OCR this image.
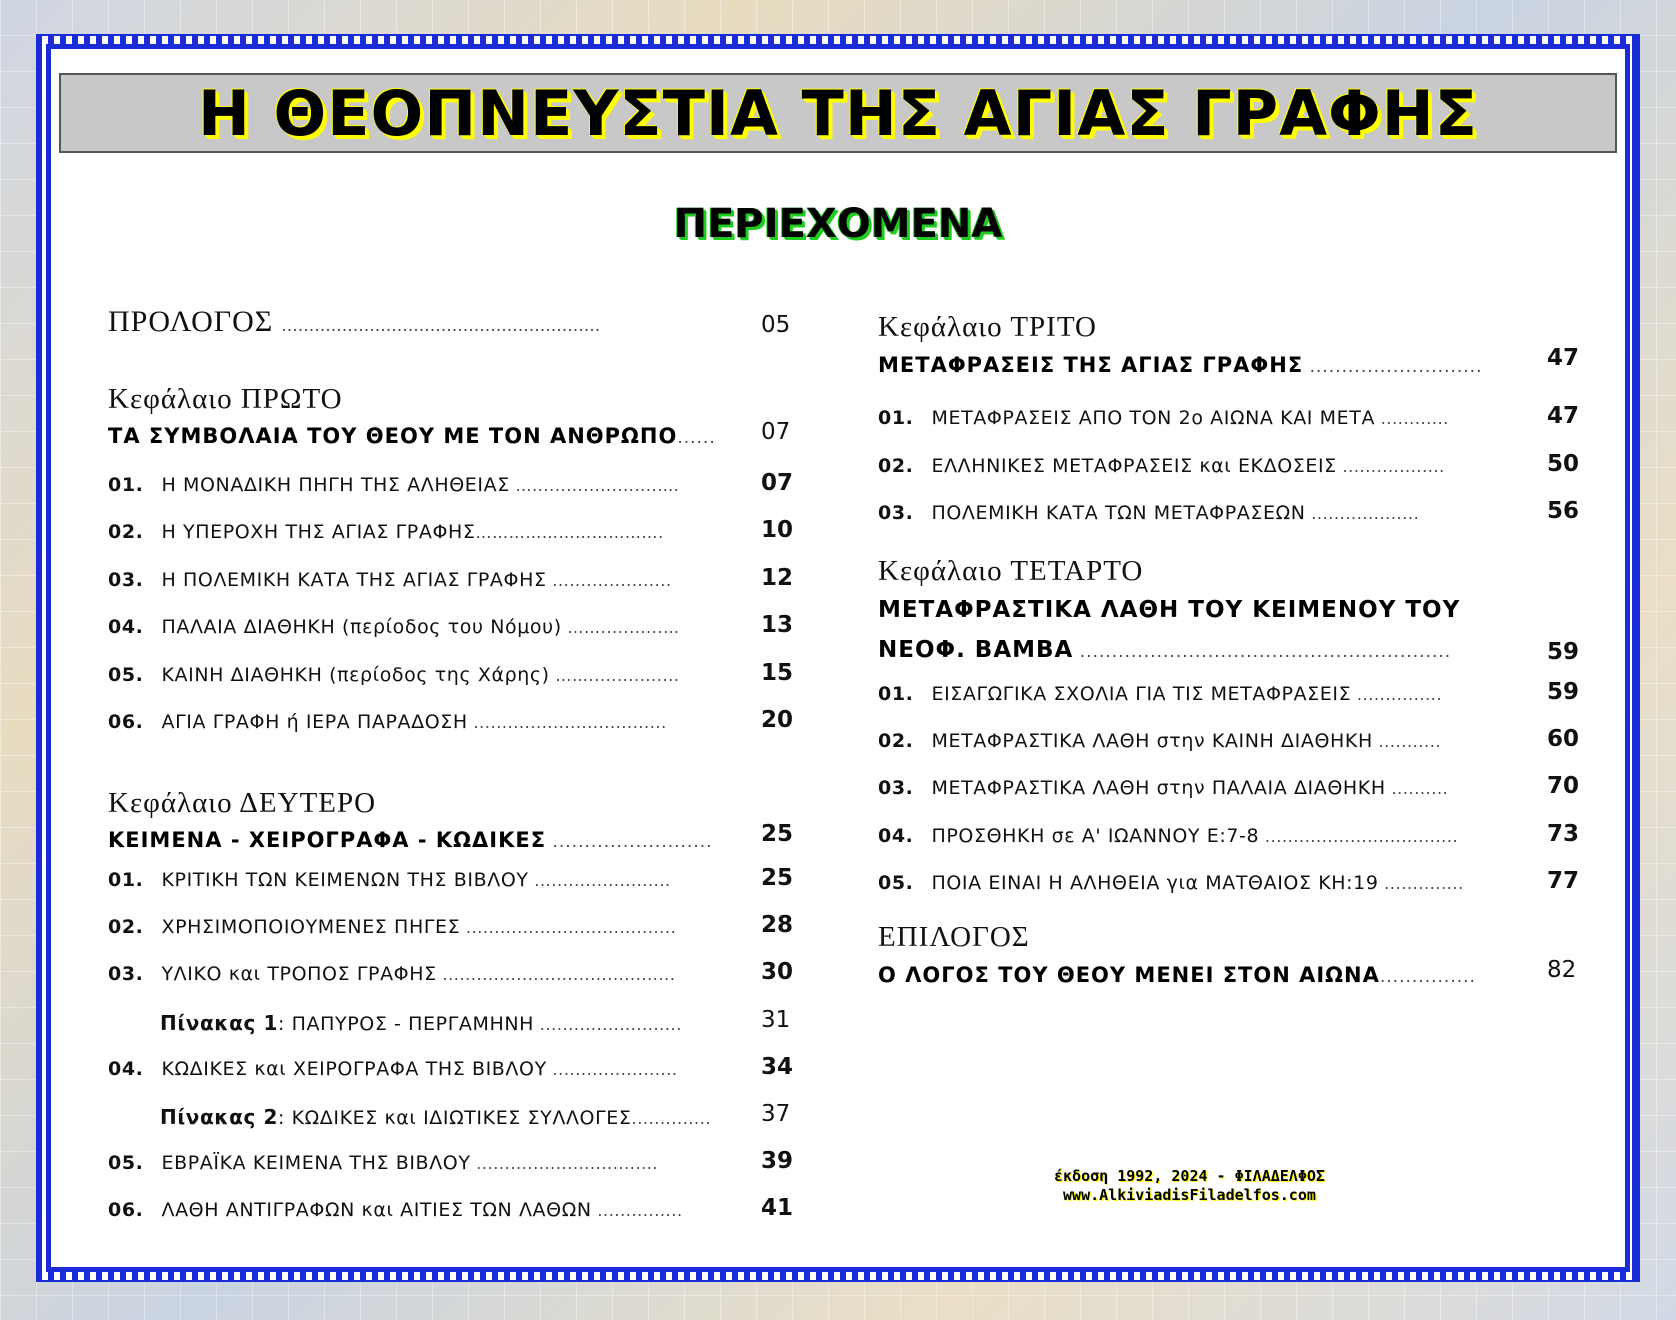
Η ΘΕΟΠΝΕΥΣΤΙΑ ΤΗΣ ΑΓΙΑΣ ΓΡΑΦΗΣ
ΠΕΡΙΕΧΟΜΕΝΑ
ΠΡΟΛΟΓΟΣ ..........................................................	05
Κεφάλαιο ΠΡΩΤΟ
ΤΑ ΣΥΜΒΟΛΑΙΑ ΤΟΥ ΘΕΟΥ ΜΕ ΤΟΝ ΑΝΘΡΩΠΟ...... 07
01. Η ΜΟΝΑΔΙΚΗ ΠΗΓΗ ΤΗΣ ΑΛΗΘΕΙΑΣ …......................….	07
02. Η ΥΠΕΡΟΧΗ ΤΗΣ ΑΓΙΑΣ ΓΡΑΦΗΣ…………………………….	10
03. Η ΠΟΛΕΜΙΚΗ ΚΑΤΑ ΤΗΣ ΑΓΙΑΣ ΓΡΑΦΗΣ .....................	12
04. ΠΑΛΑΙΑ ΔΙΑΘΗΚΗ (περίοδος του Νόμου) ……...........…	13
05. ΚΑΙΝΗ ΔΙΑΘΗΚΗ (περίοδος της Χάρης) ……................	15
06. ΑΓΙΑ ΓΡΑΦΗ ή ΙΕΡΑ ΠΑΡΑΔΟΣΗ ..................................	20
Κεφάλαιο ΔΕΥΤΕΡΟ
ΚΕΙΜΕΝΑ - ΧΕΙΡΟΓΡΑΦΑ - ΚΩΔΙΚΕΣ ......................... 25
01. ΚΡΙΤΙΚΗ ΤΩΝ ΚΕΙΜΕΝΩΝ ΤΗΣ ΒΙΒΛΟΥ ........................	25
02. ΧΡΗΣΙΜΟΠΟΙΟΥΜΕΝΕΣ ΠΗΓΕΣ .....................................	28
03. ΥΛΙΚΟ και ΤΡΟΠΟΣ ΓΡΑΦΗΣ .........................................	30
Πίνακας 1: ΠΑΠΥΡΟΣ - ΠΕΡΓΑΜΗΝΗ .........................	31
04. ΚΩΔΙΚΕΣ και ΧΕΙΡΟΓΡΑΦΑ ΤΗΣ ΒΙΒΛΟΥ ......................	34
Πίνακας 2: ΚΩΔΙΚΕΣ και ΙΔΙΩΤΙΚΕΣ ΣΥΛΛΟΓΕΣ.............. 37
05. ΕΒΡΑΪΚΑ ΚΕΙΜΕΝΑ ΤΗΣ ΒΙΒΛΟΥ ................................	39
06. ΛΑΘΗ ΑΝΤΙΓΡΑΦΩΝ και ΑΙΤΙΕΣ ΤΩΝ ΛΑΘΩΝ ...............	41
Κεφάλαιο ΤΡΙΤΟ
ΜΕΤΑΦΡΑΣΕΙΣ ΤΗΣ ΑΓΙΑΣ ΓΡΑΦΗΣ ...........................	47
01. ΜΕΤΑΦΡΑΣΕΙΣ ΑΠΟ ΤΟΝ 2ο ΑΙΩΝΑ ΚΑΙ ΜΕΤΑ ............	47
02. ΕΛΛΗΝΙΚΕΣ ΜΕΤΑΦΡΑΣΕΙΣ και ΕΚΔΟΣΕΙΣ ..................	50
03. ΠΟΛΕΜΙΚΗ ΚΑΤΑ ΤΩΝ ΜΕΤΑΦΡΑΣΕΩΝ ...................	56
Κεφάλαιο ΤΕΤΑΡΤΟ
ΜΕΤΑΦΡΑΣΤΙΚΑ ΛΑΘΗ ΤΟΥ ΚΕΙΜΕΝΟΥ ΤΟΥ
ΝΕΟΦ. ΒΑΜΒΑ ..........................................................	59
01. ΕΙΣΑΓΩΓΙΚΑ ΣΧΟΛΙΑ ΓΙΑ ΤΙΣ ΜΕΤΑΦΡΑΣΕΙΣ ...............	59
02. ΜΕΤΑΦΡΑΣΤΙΚΑ ΛΑΘΗ στην ΚΑΙΝΗ ΔΙΑΘΗΚΗ ...........	60
03. ΜΕΤΑΦΡΑΣΤΙΚΑ ΛΑΘΗ στην ΠΑΛΑΙΑ ΔΙΑΘΗΚΗ ..........	70
04. ΠΡΟΣΘΗΚΗ σε Α' ΙΩΑΝΝΟΥ Ε:7-8 ..................................	73
05. ΠΟΙΑ ΕΙΝΑΙ Η ΑΛΗΘΕΙΑ για ΜΑΤΘΑΙΟΣ ΚΗ:19 ..............	77
ΕΠΙΛΟΓΟΣ
Ο ΛΟΓΟΣ ΤΟΥ ΘΕΟΥ ΜΕΝΕΙ ΣΤΟΝ ΑΙΩΝΑ...............	82
έκδοση 1992, 2024 - ΦΙΛΑΔΕΛΦΟΣ
www.AlkiviadisFiladelfos.com
